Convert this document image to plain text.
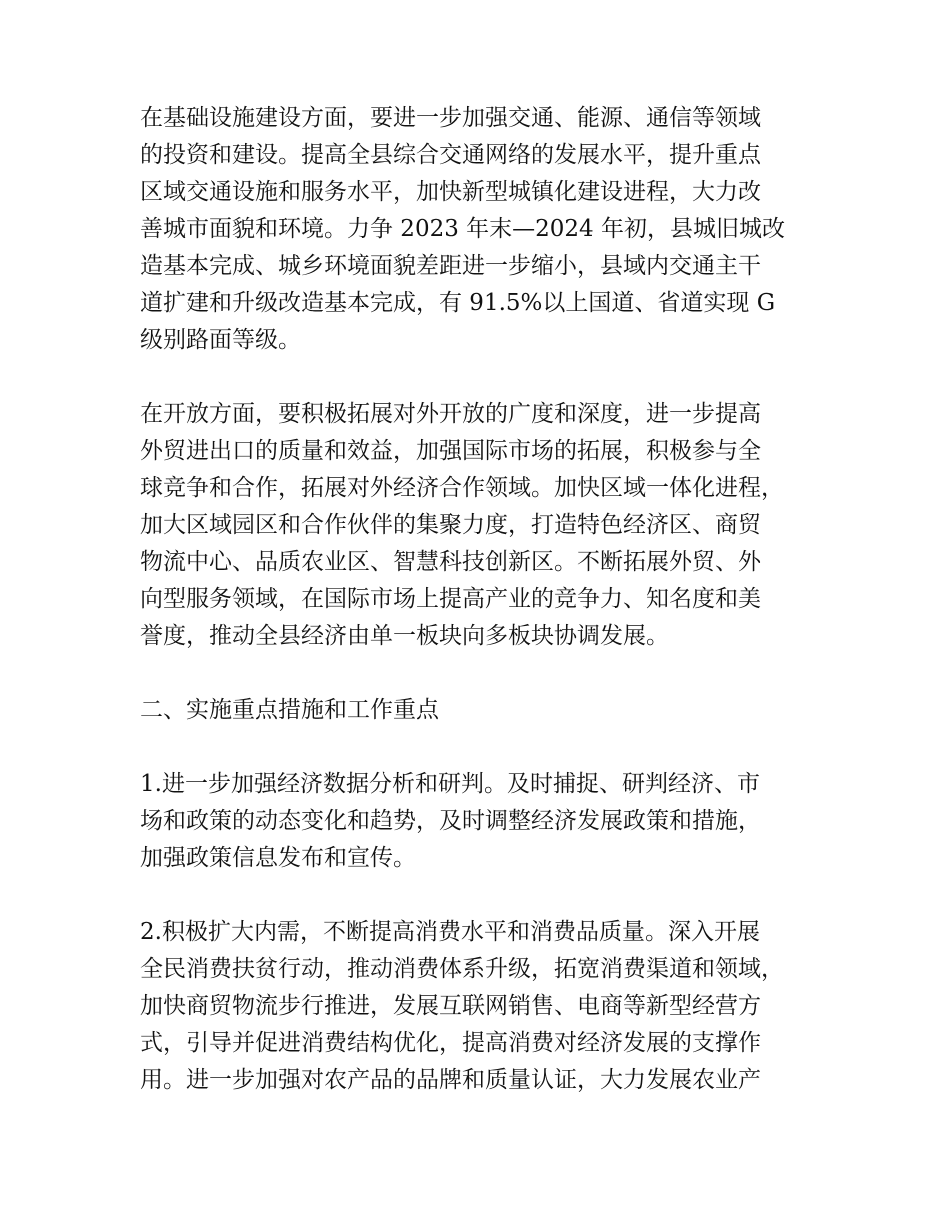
在基础设施建设方面，要进一步加强交通、能源、通信等领域
的投资和建设。提高全县综合交通网络的发展水平，提升重点
区域交通设施和服务水平，加快新型城镇化建设进程，大力改
善城市面貌和环境。力争 2023 年末—2024 年初，县城旧城改
造基本完成、城乡环境面貌差距进一步缩小，县域内交通主干
道扩建和升级改造基本完成，有 91.5%以上国道、省道实现 G
级别路面等级。
在开放方面，要积极拓展对外开放的广度和深度，进一步提高
外贸进出口的质量和效益，加强国际市场的拓展，积极参与全
球竞争和合作，拓展对外经济合作领域。加快区域一体化进程，
加大区域园区和合作伙伴的集聚力度，打造特色经济区、商贸
物流中心、品质农业区、智慧科技创新区。不断拓展外贸、外
向型服务领域，在国际市场上提高产业的竞争力、知名度和美
誉度，推动全县经济由单一板块向多板块协调发展。
二、实施重点措施和工作重点
1.进一步加强经济数据分析和研判。及时捕捉、研判经济、市
场和政策的动态变化和趋势，及时调整经济发展政策和措施，
加强政策信息发布和宣传。
2.积极扩大内需，不断提高消费水平和消费品质量。深入开展
全民消费扶贫行动，推动消费体系升级，拓宽消费渠道和领域，
加快商贸物流步行推进，发展互联网销售、电商等新型经营方
式，引导并促进消费结构优化，提高消费对经济发展的支撑作
用。进一步加强对农产品的品牌和质量认证，大力发展农业产
